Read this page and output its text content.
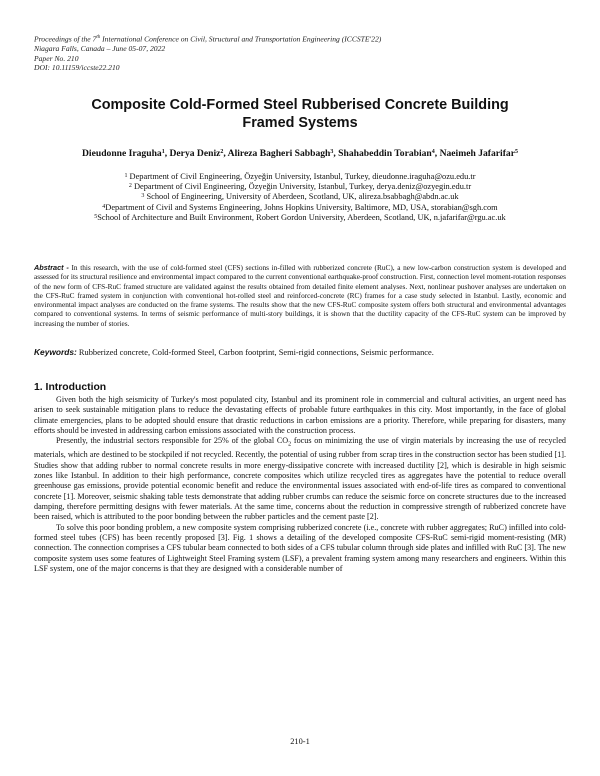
Proceedings of the 7th International Conference on Civil, Structural and Transportation Engineering (ICCSTE'22)
Niagara Falls, Canada – June 05-07, 2022
Paper No. 210
DOI: 10.11159/iccste22.210
Composite Cold-Formed Steel Rubberised Concrete Building
Framed Systems
Dieudonne Iraguha$^1$, Derya Deniz$^2$, Alireza Bagheri Sabbagh$^3$, Shahabeddin Torabian$^4$, Naeimeh Jafarifar$^5$
$^1$ Department of Civil Engineering, Özyeğin University, Istanbul, Turkey, dieudonne.iraguha@ozu.edu.tr
$^2$ Department of Civil Engineering, Özyeğin University, Istanbul, Turkey, derya.deniz@ozyegin.edu.tr
$^3$ School of Engineering, University of Aberdeen, Scotland, UK, alireza.bsabbagh@abdn.ac.uk
$^4$Department of Civil and Systems Engineering, Johns Hopkins University, Baltimore, MD, USA, storabian@sgh.com
$^5$School of Architecture and Built Environment, Robert Gordon University, Aberdeen, Scotland, UK, n.jafarifar@rgu.ac.uk
Abstract - In this research, with the use of cold-formed steel (CFS) sections in-filled with rubberized concrete (RuC), a new low-carbon construction system is developed and assessed for its structural resilience and environmental impact compared to the current conventional earthquake-proof construction. First, connection level moment-rotation responses of the new form of CFS-RuC framed structure are validated against the results obtained from detailed finite element analyses. Next, nonlinear pushover analyses are undertaken on the CFS-RuC framed system in conjunction with conventional hot-rolled steel and reinforced-concrete (RC) frames for a case study selected in Istanbul. Lastly, economic and environmental impact analyses are conducted on the frame systems. The results show that the new CFS-RuC composite system offers both structural and environmental advantages compared to conventional systems. In terms of seismic performance of multi-story buildings, it is shown that the ductility capacity of the CFS-RuC system can be improved by increasing the number of stories.
Keywords: Rubberized concrete, Cold-formed Steel, Carbon footprint, Semi-rigid connections, Seismic performance.
1. Introduction

Given both the high seismicity of Turkey's most populated city, Istanbul and its prominent role in commercial and cultural activities, an urgent need has arisen to seek sustainable mitigation plans to reduce the devastating effects of probable future earthquakes in this city. Most importantly, in the face of global climate emergencies, plans to be adopted should ensure that drastic reductions in carbon emissions are a priority. Therefore, while preparing for disasters, many efforts should be invested in addressing carbon emissions associated with the construction process.

Presently, the industrial sectors responsible for 25% of the global $CO_2$ focus on minimizing the use of virgin materials by increasing the use of recycled materials, which are destined to be stockpiled if not recycled. Recently, the potential of using rubber from scrap tires in the construction sector has been studied [1]. Studies show that adding rubber to normal concrete results in more energy-dissipative concrete with increased ductility [2], which is desirable in high seismic zones like Istanbul. In addition to their high performance, concrete composites which utilize recycled tires as aggregates have the potential to reduce overall greenhouse gas emissions, provide potential economic benefit and reduce the environmental issues associated with end-of-life tires as compared to conventional concrete [1]. Moreover, seismic shaking table tests demonstrate that adding rubber crumbs can reduce the seismic force on concrete structures due to the increased damping, therefore permitting designs with fewer materials. At the same time, concerns about the reduction in compressive strength of rubberized concrete have been raised, which is attributed to the poor bonding between the rubber particles and the cement paste [2].

To solve this poor bonding problem, a new composite system comprising rubberized concrete (i.e., concrete with rubber aggregates; RuC) infilled into cold-formed steel tubes (CFS) has been recently proposed [3]. Fig. 1 shows a detailing of the developed composite CFS-RuC semi-rigid moment-resisting (MR) connection. The connection comprises a CFS tubular beam connected to both sides of a CFS tubular column through side plates and infilled with RuC [3]. The new composite system uses some features of Lightweight Steel Framing system (LSF), a prevalent framing system among many researchers and engineers. Within this LSF system, one of the major concerns is that they are designed with a considerable number of

210-1
